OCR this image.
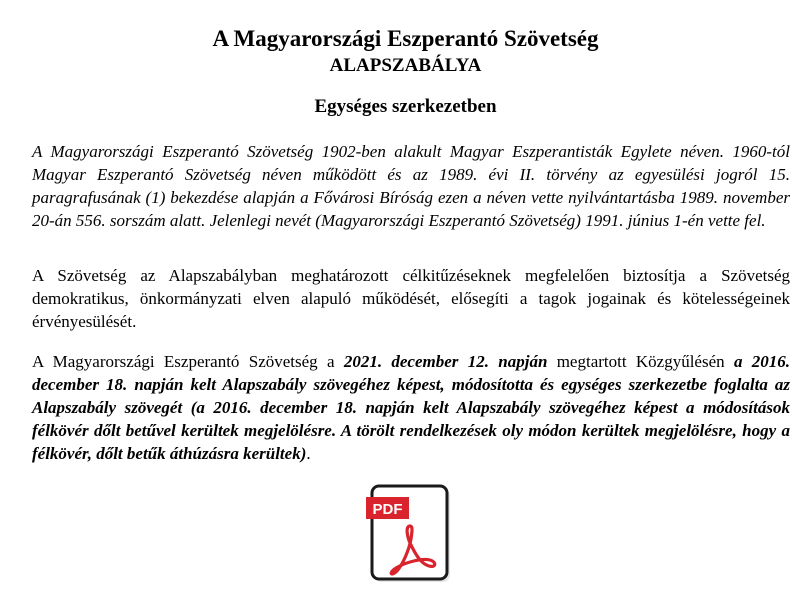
A Magyarországi Eszperantó Szövetség
ALAPSZABÁLYA
Egységes szerkezetben

A Magyarországi Eszperantó Szövetség 1902-ben alakult Magyar Eszperantisták Egylete néven. 1960-tól Magyar Eszperantó Szövetség néven működött és az 1989. évi II. törvény az egyesülési jogról 15. paragrafusának (1) bekezdése alapján a Fővárosi Bíróság ezen a néven vette nyilvántartásba 1989. november 20-án 556. sorszám alatt. Jelenlegi nevét (Magyarországi Eszperantó Szövetség) 1991. június 1-én vette fel.

A Szövetség az Alapszabályban meghatározott célkitűzéseknek megfelelően biztosítja a Szövetség demokratikus, önkormányzati elven alapuló működését, elősegíti a tagok jogainak és kötelességeinek érvényesülését.

A Magyarországi Eszperantó Szövetség a 2021. december 12. napján megtartott Közgyűlésén a 2016. december 18. napján kelt Alapszabály szövegéhez képest, módosította és egységes szerkezetbe foglalta az Alapszabály szövegét (a 2016. december 18. napján kelt Alapszabály szövegéhez képest a módosítások félkövér dőlt betűvel kerültek megjelölésre. A törölt rendelkezések oly módon kerültek megjelölésre, hogy a félkövér, dőlt betűk áthúzásra kerültek).

PDF
